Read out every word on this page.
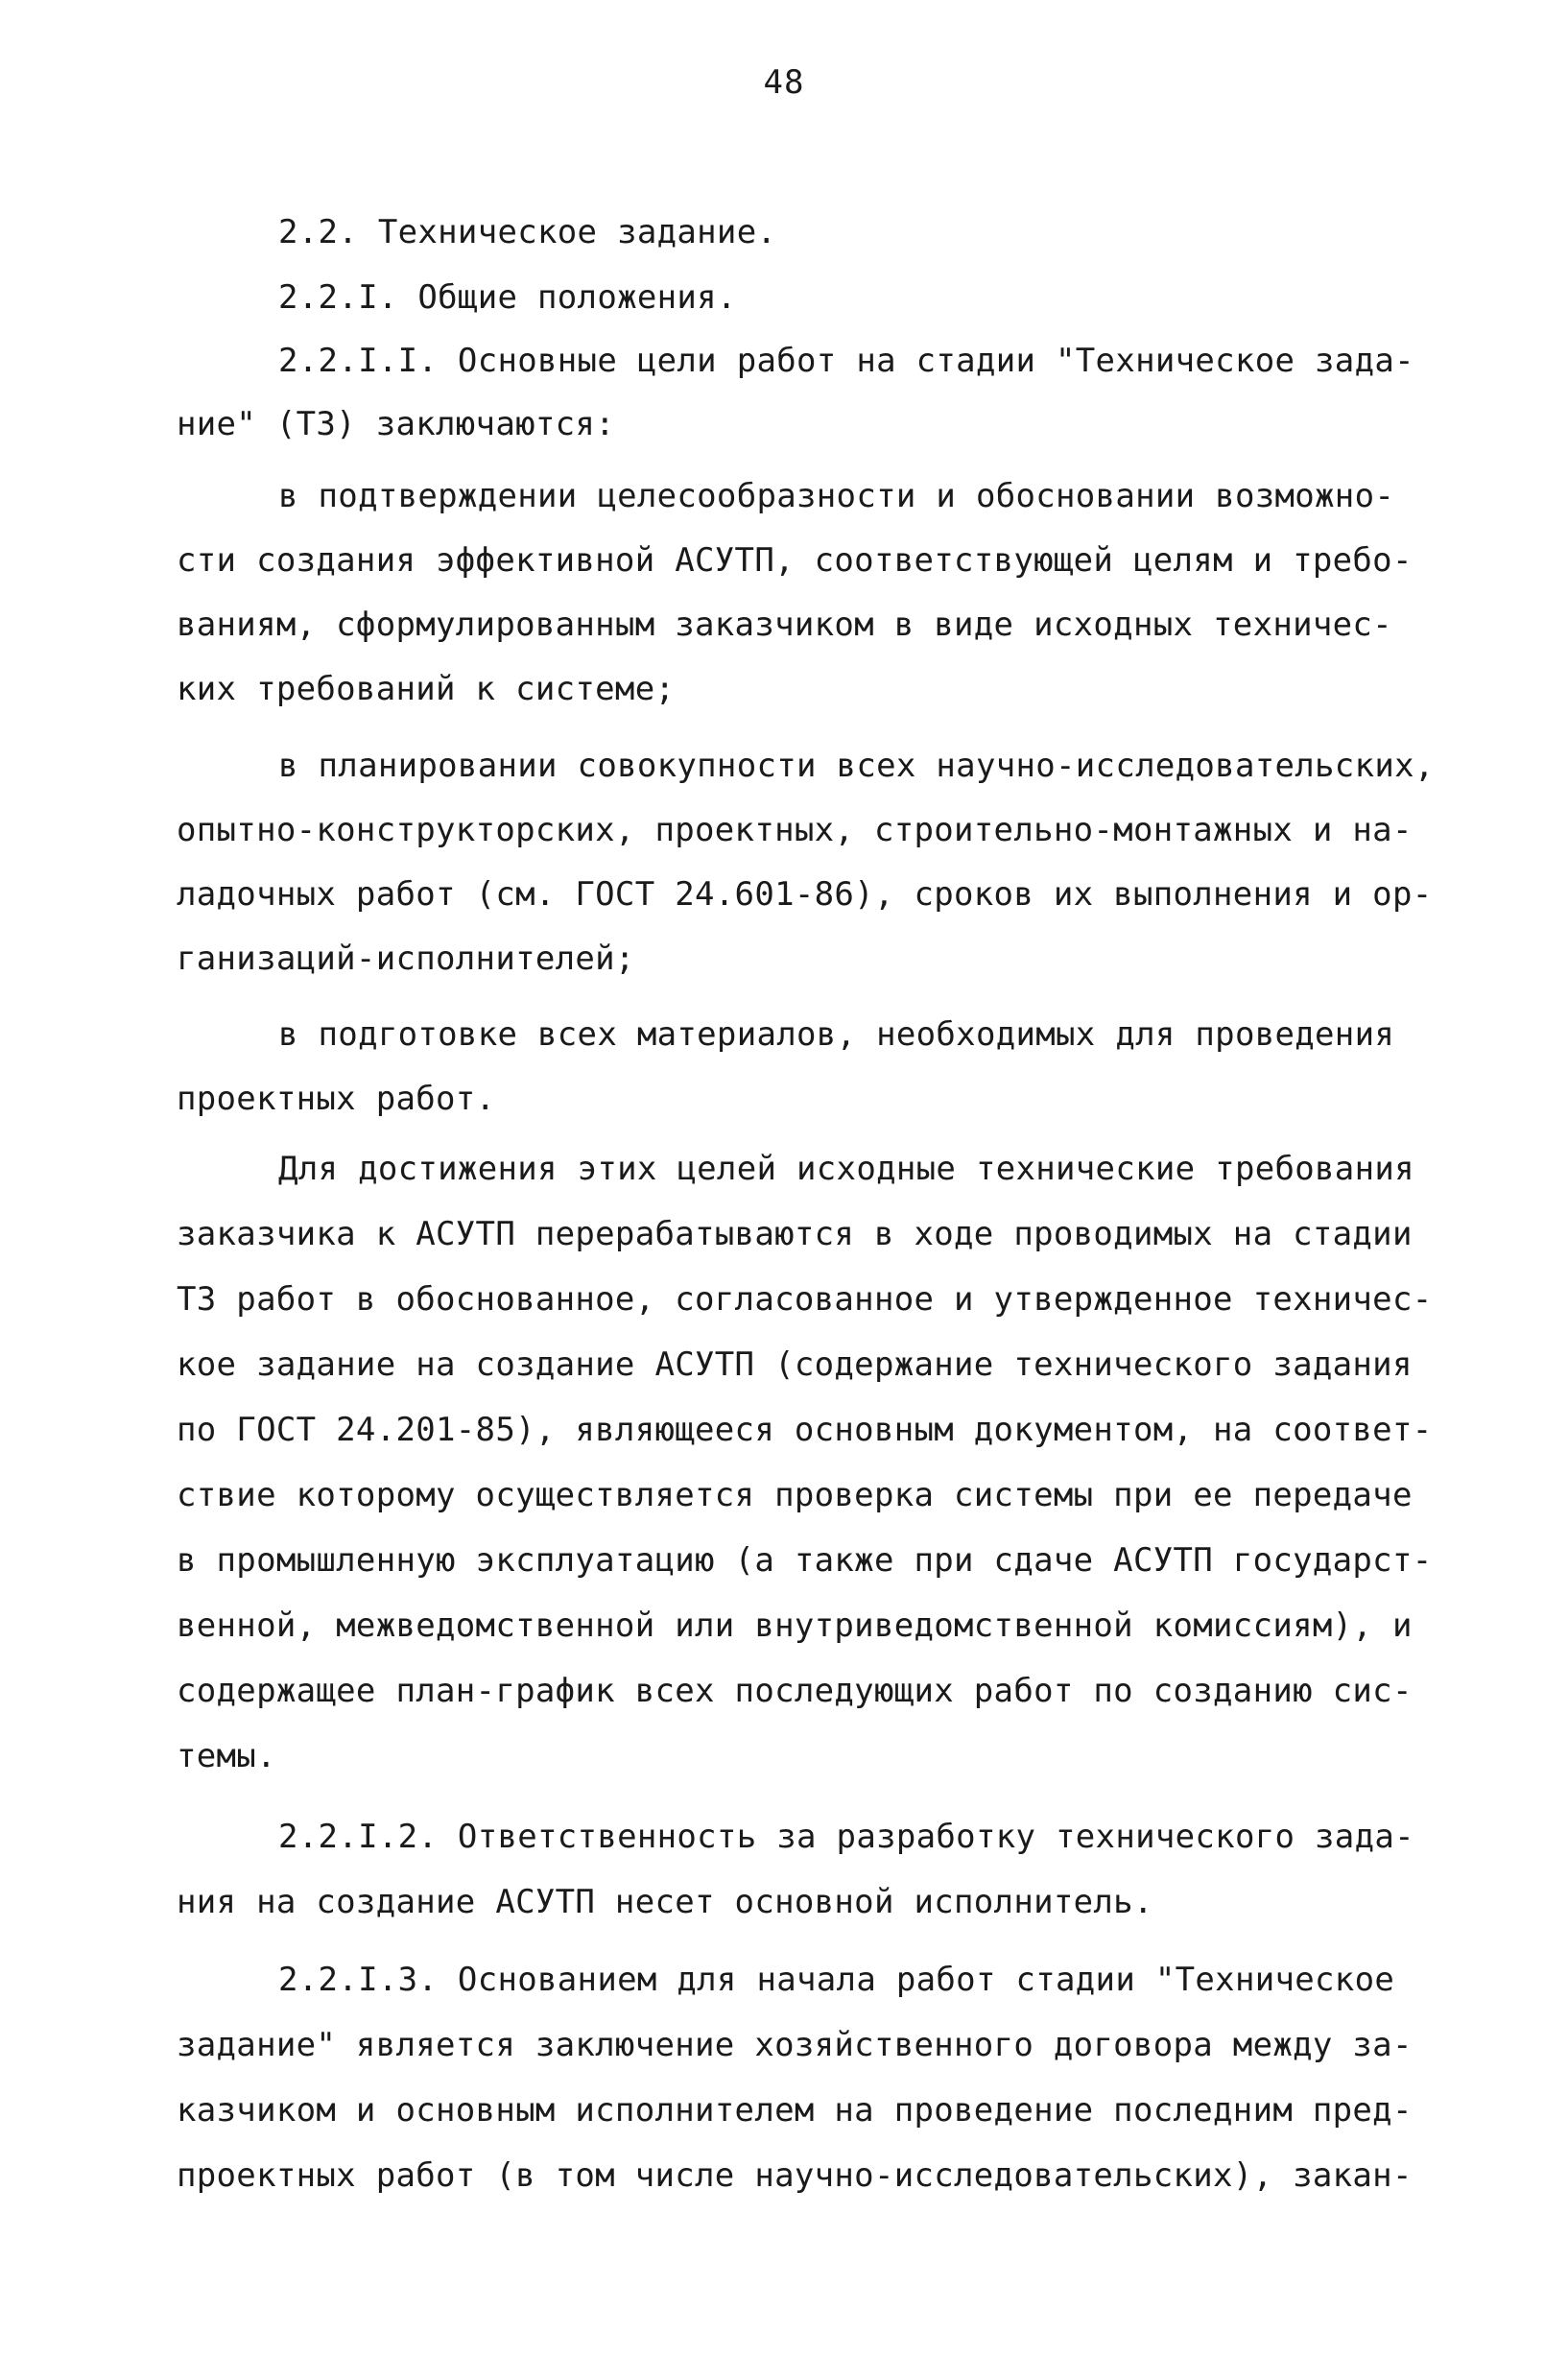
48
2.2. Техническое задание.
2.2.I. Общие положения.
2.2.I.I. Основные цели работ на стадии "Техническое зада-
ние" (ТЗ) заключаются:
в подтверждении целесообразности и обосновании возможно-
сти создания эффективной АСУТП, соответствующей целям и требо-
ваниям, сформулированным заказчиком в виде исходных техничес-
ких требований к системе;
в планировании совокупности всех научно-исследовательских,
опытно-конструкторских, проектных, строительно-монтажных и на-
ладочных работ (см. ГОСТ 24.601-86), сроков их выполнения и ор-
ганизаций-исполнителей;
в подготовке всех материалов, необходимых для проведения
проектных работ.
Для достижения этих целей исходные технические требования
заказчика к АСУТП перерабатываются в ходе проводимых на стадии
ТЗ работ в обоснованное, согласованное и утвержденное техничес-
кое задание на создание АСУТП (содержание технического задания
по ГОСТ 24.201-85), являющееся основным документом, на соответ-
ствие которому осуществляется проверка системы при ее передаче
в промышленную эксплуатацию (а также при сдаче АСУТП государст-
венной, межведомственной или внутриведомственной комиссиям), и
содержащее план-график всех последующих работ по созданию сис-
темы.
2.2.I.2. Ответственность за разработку технического зада-
ния на создание АСУТП несет основной исполнитель.
2.2.I.3. Основанием для начала работ стадии "Техническое
задание" является заключение хозяйственного договора между за-
казчиком и основным исполнителем на проведение последним пред-
проектных работ (в том числе научно-исследовательских), закан-
